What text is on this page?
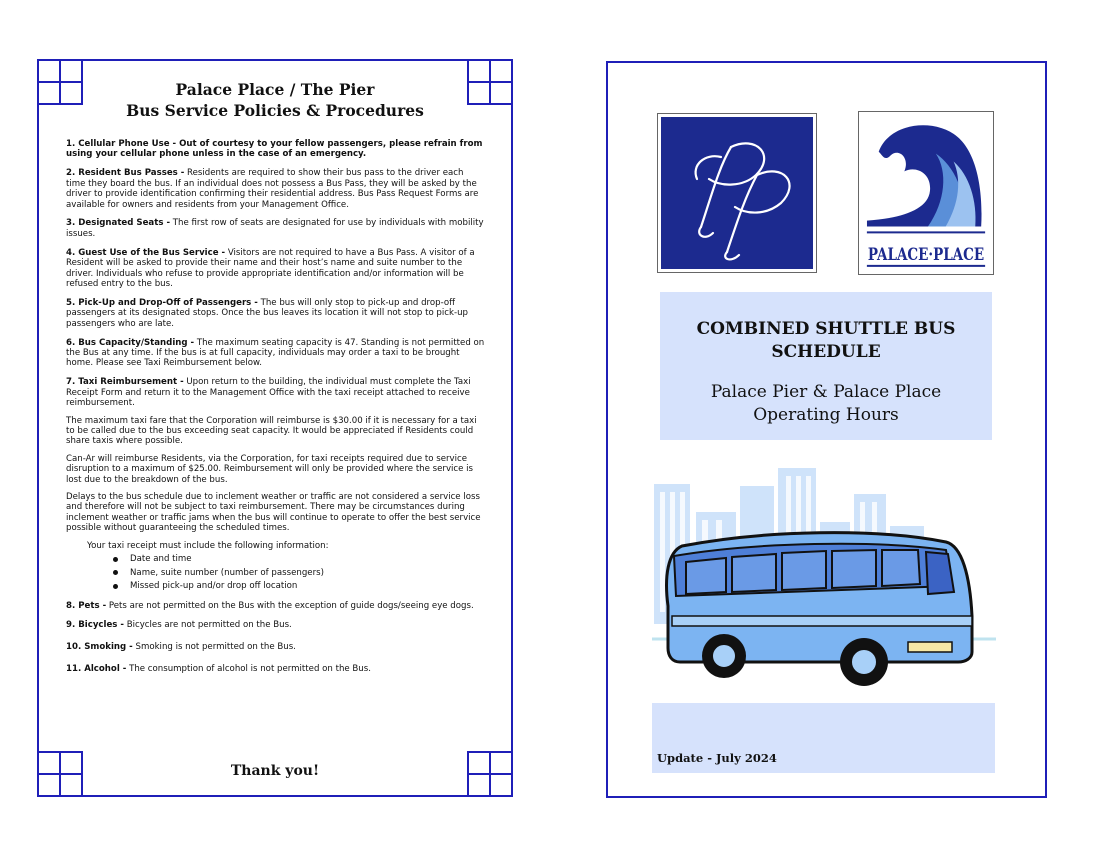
Palace Place / The Pier
Bus Service Policies & Procedures
1. Cellular Phone Use - Out of courtesy to your fellow passengers, please refrain from using your cellular phone unless in the case of an emergency.
2. Resident Bus Passes - Residents are required to show their bus pass to the driver each time they board the bus. If an individual does not possess a Bus Pass, they will be asked by the driver to provide identification confirming their residential address. Bus Pass Request Forms are available for owners and residents from your Management Office.
3. Designated Seats - The first row of seats are designated for use by individuals with mobility issues.
4. Guest Use of the Bus Service - Visitors are not required to have a Bus Pass. A visitor of a Resident will be asked to provide their name and their host’s name and suite number to the driver. Individuals who refuse to provide appropriate identification and/or information will be refused entry to the bus.
5. Pick-Up and Drop-Off of Passengers - The bus will only stop to pick-up and drop-off passengers at its designated stops. Once the bus leaves its location it will not stop to pick-up passengers who are late.
6. Bus Capacity/Standing - The maximum seating capacity is 47. Standing is not permitted on the Bus at any time. If the bus is at full capacity, individuals may order a taxi to be brought home. Please see Taxi Reimbursement below.

7. Taxi Reimbursement - Upon return to the building, the individual must complete the Taxi Receipt Form and return it to the Management Office with the taxi receipt attached to receive reimbursement.

The maximum taxi fare that the Corporation will reimburse is $30.00 if it is necessary for a taxi to be called due to the bus exceeding seat capacity. It would be appreciated if Residents could share taxis where possible.

Can-Ar will reimburse Residents, via the Corporation, for taxi receipts required due to service disruption to a maximum of $25.00. Reimbursement will only be provided where the service is lost due to the breakdown of the bus.

Delays to the bus schedule due to inclement weather or traffic are not considered a service loss and therefore will not be subject to taxi reimbursement. There may be circumstances during inclement weather or traffic jams when the bus will continue to operate to offer the best service possible without guaranteeing the scheduled times.

Your taxi receipt must include the following information:
Date and time
Name, suite number (number of passengers)
Missed pick-up and/or drop off location
8. Pets - Pets are not permitted on the Bus with the exception of guide dogs/seeing eye dogs.
9. Bicycles - Bicycles are not permitted on the Bus.
10. Smoking - Smoking is not permitted on the Bus.
11. Alcohol - The consumption of alcohol is not permitted on the Bus.
Thank you!
PALACE·PLACE
COMBINED SHUTTLE BUS
SCHEDULE
Palace Pier & Palace Place
Operating Hours
Update - July 2024
